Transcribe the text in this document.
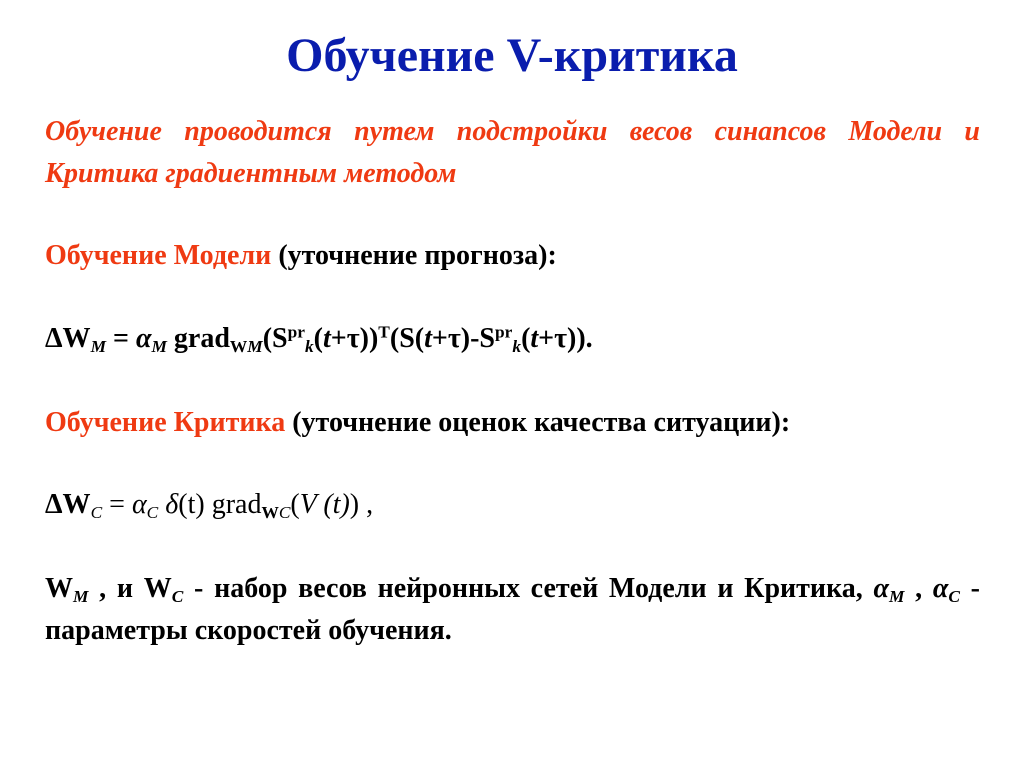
Обучение V-критика
Обучение проводится путем подстройки весов синапсов Модели и Критика градиентным методом
Обучение Модели (уточнение прогноза):
$\Delta W_M = \alpha_M$ $grad_{WM}(S^{pr}_k(t+\tau))^T(S(t+\tau)-S^{pr}_k(t+\tau))$.
Обучение Критика (уточнение оценок качества ситуации):
$\Delta W_C = \alpha_C$ δ(t) grad$_{WC}$(V (t)) ,
$W_M$ , и $W_C$ - набор весов нейронных сетей Модели и Критика, $\alpha_M$ , $\alpha_C$ - параметры скоростей обучения.
